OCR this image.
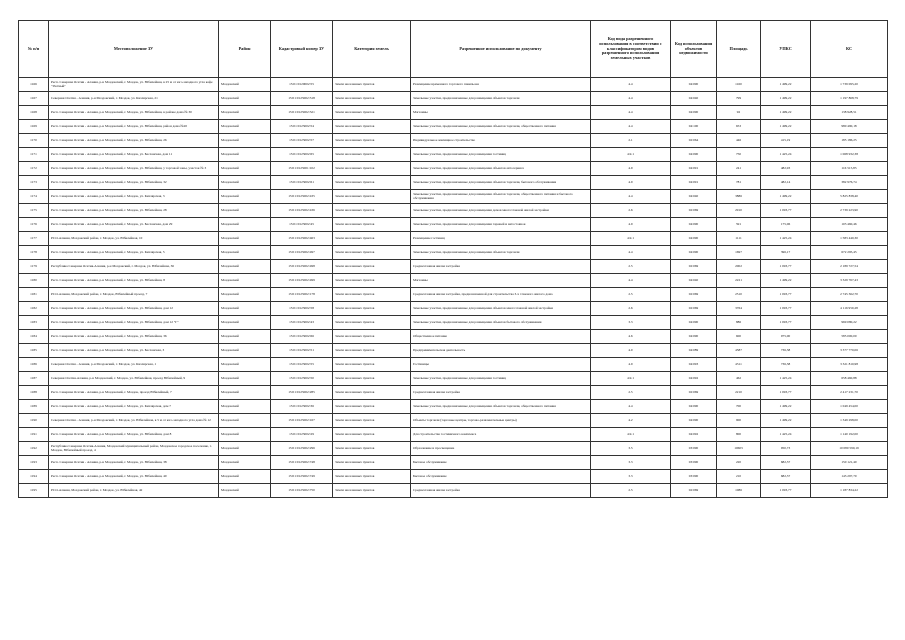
№ п/п	Местоположение ЗУ	Район	Кадастровый номер ЗУ	Категория земель	Разрешенное использование по документу	Код вида разрешенного использования в соответствии с классификатором видов разрешенного использования земельных участков	Код использования объектов недвижимости	Площадь	УПКС	КС
1166	Респ. Северная Осетия - Алания, р-н Моздокский, г. Моздок, ул. Юбилейная, в 25 м от юго-западного угла кафе "Уютный"	Моздокский	15:01:0120002:55	Земли населенных пунктов	Размещение временного торгового павильона	4.4	04:090	1160	1 499,22	1 739 095,20
1167	Северная Осетия - Алания, р-н Моздокский, г. Моздок, ул. Кизлярская, 21	Моздокский	15:01:0125002:318	Земли населенных пунктов	Земельные участки, предназначенные для размещения объектов торговли	4.4	04:040	799	1 499,22	1 197 868,79
1168	Респ. Северная Осетия - Алания, р-н Моздокский, г. Моздок, ул. Юбилейная, в районе дома № 30	Моздокский	15:01:0125002:321	Земли населенных пунктов	Магазины	4.4	04:090	92	1 499,22	138 928,51
1169	Респ. Северная Осетия - Алания, р-н Моздокский, г. Моздок, ул. Юбилейная, район дома №20	Моздокский	15:01:0125002:54	Земли населенных пунктов	Земельные участки, предназначенные для размещения объектов торговли, общественного питания	4.4	04:100	653	1 499,22	980 490,18
1170	Респ. Северная Осетия - Алания, р-н Моздокский, г. Моздок, ул. Юбилейная, 26	Моздокский	15:01:0125002:57	Земли населенных пунктов	Индивидуальное жилищное строительство	2.1	02:064	446	415,19	185 186,25
1171	Респ. Северная Осетия - Алания, р-н Моздокский, г. Моздок, ул. Бесланская, дом 11	Моздокский	15:01:0125002:65	Земли населенных пунктов	Земельные участки, предназначенные для размещения гостиниц	4.9.1	04:090	750	1 425,24	1 068 932,38
1172	Респ. Северная Осетия - Алания, р-н Моздокский, г. Моздок, ул. Юбилейная, у торговой зоны, участок № 3	Моздокский	15:01:0125001:102	Земли населенных пунктов	Земельные участки, предназначенные для размещения объектов автосервиса	4.9	04:091	241	482,93	116 515,85
1173	Респ. Северная Осетия - Алания, р-н Моздокский, г. Моздок, ул. Юбилейная, 32	Моздокский	15:01:0125002:61	Земли населенных пунктов	Земельные участки, предназначенные для размещения объектов торговли, бытового обслуживания	4.9	04:091	781	482,14	382 976,74
1174	Респ. Северная Осетия - Алания, р-н Моздокский, г. Моздок, ул. Кизлярская, 3	Моздокский	15:01:0125002:435	Земли населенных пунктов	Земельные участки, предназначенные для размещения объектов торговли, общественного питания и бытового обслуживания	4.4	04:040	3886	1 499,22	5 825 838,40
1175	Респ. Северная Осетия - Алания, р-н Моздокский, г. Моздок, ул. Юбилейная, 28	Моздокский	15:01:0125002:436	Земли населенных пунктов	Земельные участки, предназначенные для размещения домов многоэтажной жилой застройки	2.6	02:069	2910	1 093,77	2 739 223,90
1176	Респ. Северная Осетия - Алания, р-н Моздокский, г. Моздок, ул. Бесланская, дом 29	Моздокский	15:01:0125002:45	Земли населенных пунктов	Земельные участки, предназначенные для размещения гаражей и автостоянок	4.9	04:090	591	175,06	103 460,46
1177	РСО-Алания, Моздокский район, г. Моздок, ул. Юбилейная, 10	Моздокский	15:01:0125002:463	Земли населенных пунктов	Размещение гостиниц	4.9.1	04:090	1111	1 425,24	1 583 440,30
1178	Респ. Северная Осетия - Алания, р-н Моздокский, г. Моздок, ул. Кизлярская, 5	Моздокский	15:01:0125002:497	Земли населенных пунктов	Земельные участки, предназначенные для размещения объектов торговли	4.4	04:090	1697	396,17	672 295,45
1179	Республика Северная Осетия-Алания, р-н Моздокский, г. Моздок, ул. Юбилейная, 36	Моздокский	15:01:0125002:498	Земли населенных пунктов	Среднеэтажная жилая застройка	2.5	02:069	2002	1 093,77	2 189 727,54
1180	Респ. Северная Осетия - Алания, р-н Моздокский, г. Моздок, ул. Юбилейная, 8	Моздокский	15:01:0125002:499	Земли населенных пунктов	Магазины	4.4	04:040	2221	1 499,22	3 329 767,43
1181	РСО-Алания, Моздокский район, г. Моздок, Юбилейный проезд, 7	Моздокский	15:01:0125002:178	Земли населенных пунктов	Среднеэтажная жилая застройка, предназначенной для строительства 3-х этажного жилого дома	2.5	02:069	2510	1 093,77	2 745 362,70
1182	Респ. Северная Осетия - Алания, р-н Моздокский, г. Моздок, ул. Юбилейная, дом 12	Моздокский	15:01:0125002:58	Земли населенных пунктов	Земельные участки, предназначенные для размещения объектов многоэтажной жилой застройки	2.6	02:069	3764	1 093,77	4 116 950,28
1183	Респ. Северная Осетия - Алания, р-н Моздокский, г. Моздок, ул. Юбилейная, дом 12 "Г"	Моздокский	15:01:0125002:43	Земли населенных пунктов	Земельные участки, предназначенные для размещения объектов бытового обслуживания	3.3	04:090	886	1 093,77	969 080,22
1184	Респ. Северная Осетия - Алания, р-н Моздокский, г. Моздок, ул. Юбилейная, 36	Моздокский	15:01:0125002:66	Земли населенных пунктов	Общественное питание	4.6	04:090	600	975,00	585 000,00
1185	Респ. Северная Осетия - Алания, р-н Моздокский, г. Моздок, ул. Бесланская, 3	Моздокский	15:01:0125002:51	Земли населенных пунктов	Предпринимательская деятельность	4.0	04:089	4587	736,38	3 377 770,06
1186	Северная Осетия - Алания, р-н Моздокский, г. Моздок, ул. Кизлярская, 1	Моздокский	15:01:0125002:55	Земли населенных пунктов	Гостиницы	4.9	04:093	4511	736,38	3 321 810,98
1187	Северная Осетия-Алания, р-н Моздокский, г. Моздок, ул. Юбилейная, проезд Юбилейный, 9	Моздокский	15:01:0125002:50	Земли населенных пунктов	Земельные участки, предназначенные для размещения гостиниц	4.9.1	04:092	462	1 425,24	658 460,88
1188	Респ. Северная Осетия - Алания, р-н Моздокский, г. Моздок, проезд Юбилейный, 7	Моздокский	15:01:0125002:285	Земли населенных пунктов	Среднеэтажная жилая застройка	2.5	02:069	2210	1 093,77	2 417 231,70
1189	Респ. Северная Осетия - Алания, р-н Моздокский, г. Моздок, ул. Кизлярская, дом 7	Моздокский	15:01:0125002:36	Земли населенных пунктов	Земельные участки, предназначенные для размещения объектов торговли, общественного питания	4.4	04:090	700	1 499,22	1 049 454,00
1190	Северная Осетия - Алания, р-н Моздокский, г. Моздок, ул. Юбилейная, в 5 м от юго-западного угла дома № 12	Моздокский	15:01:0125002:167	Земли населенных пунктов	Объекты торговли (торговые центры, торгово-развлекательные центры)	4.2	04:090	900	1 499,22	1 349 298,00
1191	Респ. Северная Осетия - Алания, р-н Моздокский, г. Моздок, ул. Юбилейная, дом 8	Моздокский	15:01:0125002:29	Земли населенных пунктов	Для строительства гостиничного комплекса	4.9.1	04:092	800	1 425,24	1 140 192,00
1192	Республика Северная Осетия-Алания, Моздокский муниципальный район, Моздокское городское поселение, г. Моздок, Юбилейный проезд, 4	Моздокский	15:01:0125002:296	Земли населенных пунктов	Образование и просвещение	3.5	03:090	10603	950,73	10 080 590,19
1193	Респ. Северная Осетия - Алания, р-н Моздокский, г. Моздок, ул. Юбилейная, 38	Моздокский	15:01:0125002:748	Земли населенных пунктов	Бытовое обслуживание	3.3	03:090	220	682,37	150 121,40
1194	Респ. Северная Осетия - Алания, р-н Моздокский, г. Моздок, ул. Юбилейная, 40	Моздокский	15:01:0125002:749	Земли населенных пунктов	Бытовое обслуживание	3.3	03:090	210	682,37	143 297,70
1195	РСО-Алания, Моздокский район, г. Моздок, ул. Юбилейная, 42	Моздокский	15:01:0125002:750	Земли населенных пунктов	Среднеэтажная жилая застройка	2.5	02:069	1086	1 093,77	1 187 834,22
